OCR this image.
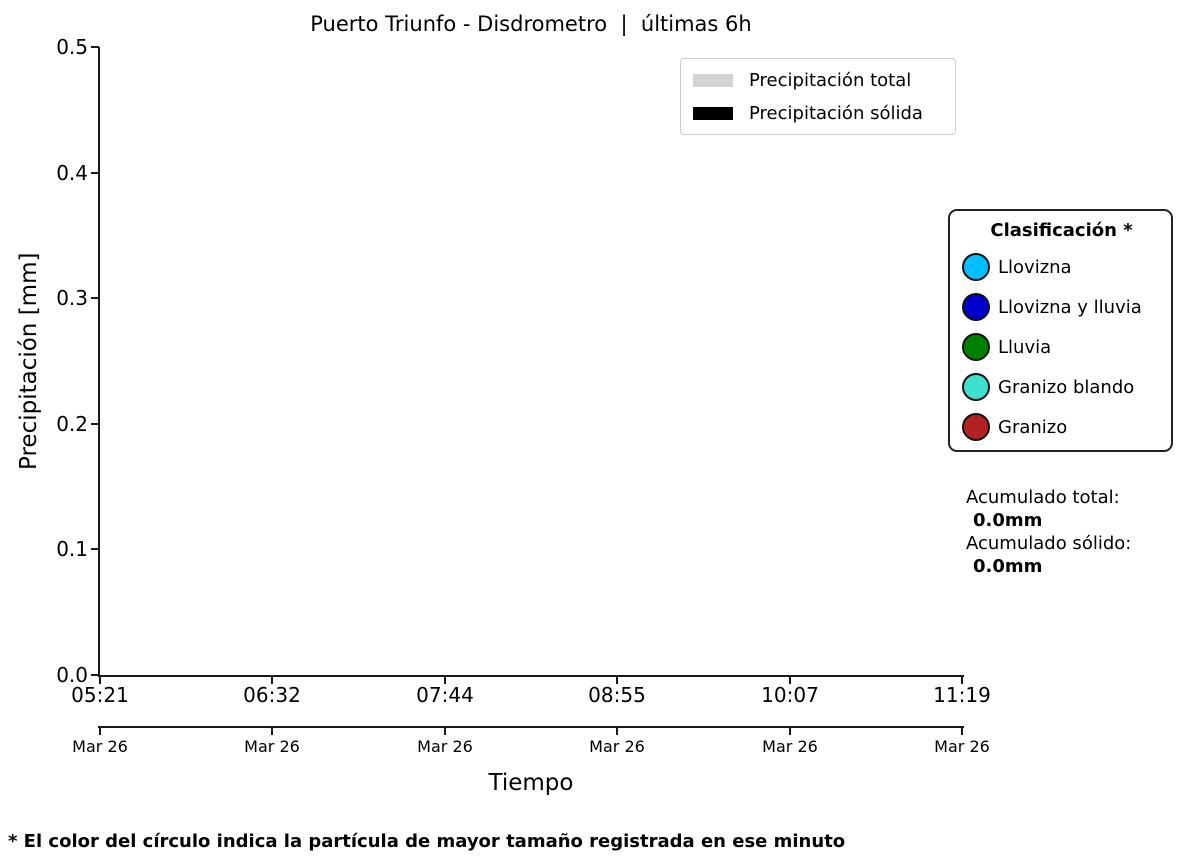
Puerto Triunfo - Disdrometro  |  últimas 6h
Precipitación [mm]
Tiempo
0.5
0.4
0.3
0.2
0.1
0.0
05:21	06:32	07:44	08:55	10:07	11:19
Mar 26	Mar 26	Mar 26	Mar 26	Mar 26	Mar 26
Precipitación total
Precipitación sólida
Clasificación *
Llovizna
Llovizna y lluvia
Lluvia
Granizo blando
Granizo
Acumulado total:
0.0mm
Acumulado sólido:
0.0mm
* El color del círculo indica la partícula de mayor tamaño registrada en ese minuto
